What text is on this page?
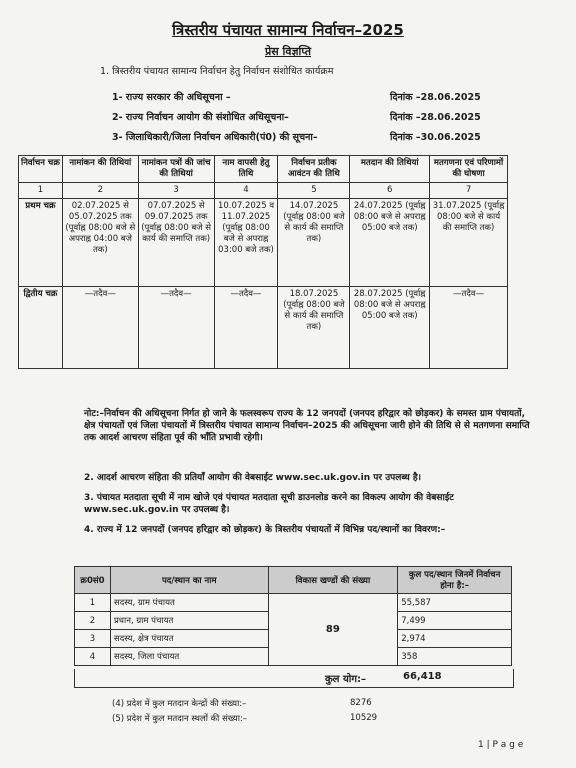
त्रिस्तरीय पंचायत सामान्य निर्वाचन–2025
प्रेस विज्ञप्ति
1. त्रिस्तरीय पंचायत सामान्य निर्वाचन हेतु निर्वाचन संशोधित कार्यक्रम
1- राज्य सरकार की अधिसूचना –	दिनांक –28.06.2025
2- राज्य निर्वाचन आयोग की संशोधित अधिसूचना–	दिनांक –28.06.2025
3- जिलाधिकारी/जिला निर्वाचन अधिकारी(पं0) की सूचना–	दिनांक –30.06.2025
निर्वाचन चक्र	नामांकन की तिथियां	नामांकन पत्रों की जांच की तिथियां	नाम वापसी हेतु तिथि	निर्वाचन प्रतीक आवंटन की तिथि	मतदान की तिथियां	मतगणना एवं परिणामों की घोषणा
1	2	3	4	5	6	7
प्रथम चक्र	02.07.2025 से 05.07.2025 तक (पूर्वाह्न 08:00 बजे से अपराह्न 04:00 बजे तक)	07.07.2025 से 09.07.2025 तक (पूर्वाह्न 08:00 बजे से कार्य की समाप्ति तक)	10.07.2025 व 11.07.2025 (पूर्वाह्न 08:00 बजे से अपराह्न 03:00 बजे तक)	14.07.2025 (पूर्वाह्न 08:00 बजे से कार्य की समाप्ति तक)	24.07.2025 (पूर्वाह्न 08:00 बजे से अपराह्न 05:00 बजे तक)	31.07.2025 (पूर्वाह्न 08:00 बजे से कार्य की समाप्ति तक)
द्वितीय चक्र	—तदैव—	—तदैव—	—तदैव—	18.07.2025 (पूर्वाह्न 08:00 बजे से कार्य की समाप्ति तक)	28.07.2025 (पूर्वाह्न 08:00 बजे से अपराह्न 05:00 बजे तक)	—तदैव—
नोट:–निर्वाचन की अधिसूचना निर्गत हो जाने के फलस्वरूप राज्य के 12 जनपदों (जनपद हरिद्वार को छोड़कर) के समस्त ग्राम पंचायतों, क्षेत्र पंचायतों एवं जिला पंचायतों में त्रिस्तरीय पंचायत सामान्य निर्वाचन–2025 की अधिसूचना जारी होने की तिथि से से मतगणना समाप्ति तक आदर्श आचरण संहिता पूर्व की भाँति प्रभावी रहेगी।
2. आदर्श आचरण संहिता की प्रतियाँ आयोग की वेबसाईट www.sec.uk.gov.in पर उपलब्ध है।
3. पंचायत मतदाता सूची में नाम खोजे एवं पंचायत मतदाता सूची डाउनलोड करने का विकल्प आयोग की वेबसाईट www.sec.uk.gov.in पर उपलब्ध है।
4. राज्य में 12 जनपदों (जनपद हरिद्वार को छोड़कर) के त्रिस्तरीय पंचायतों में विभिन्न पद/स्थानों का विवरण:–
क्र0सं0	पद/स्थान का नाम	विकास खण्डों की संख्या	कुल पद/स्थान जिनमें निर्वाचन होना है:–
1	सदस्य, ग्राम पंचायत	89	55,587
2	प्रधान, ग्राम पंचायत		7,499
3	सदस्य, क्षेत्र पंचायत		2,974
4	सदस्य, जिला पंचायत		358
कुल योग:–	66,418
(4) प्रदेश में कुल मतदान केन्द्रों की संख्या:–	8276
(5) प्रदेश में कुल मतदान स्थलों की संख्या:–	10529
1 | P a g e
